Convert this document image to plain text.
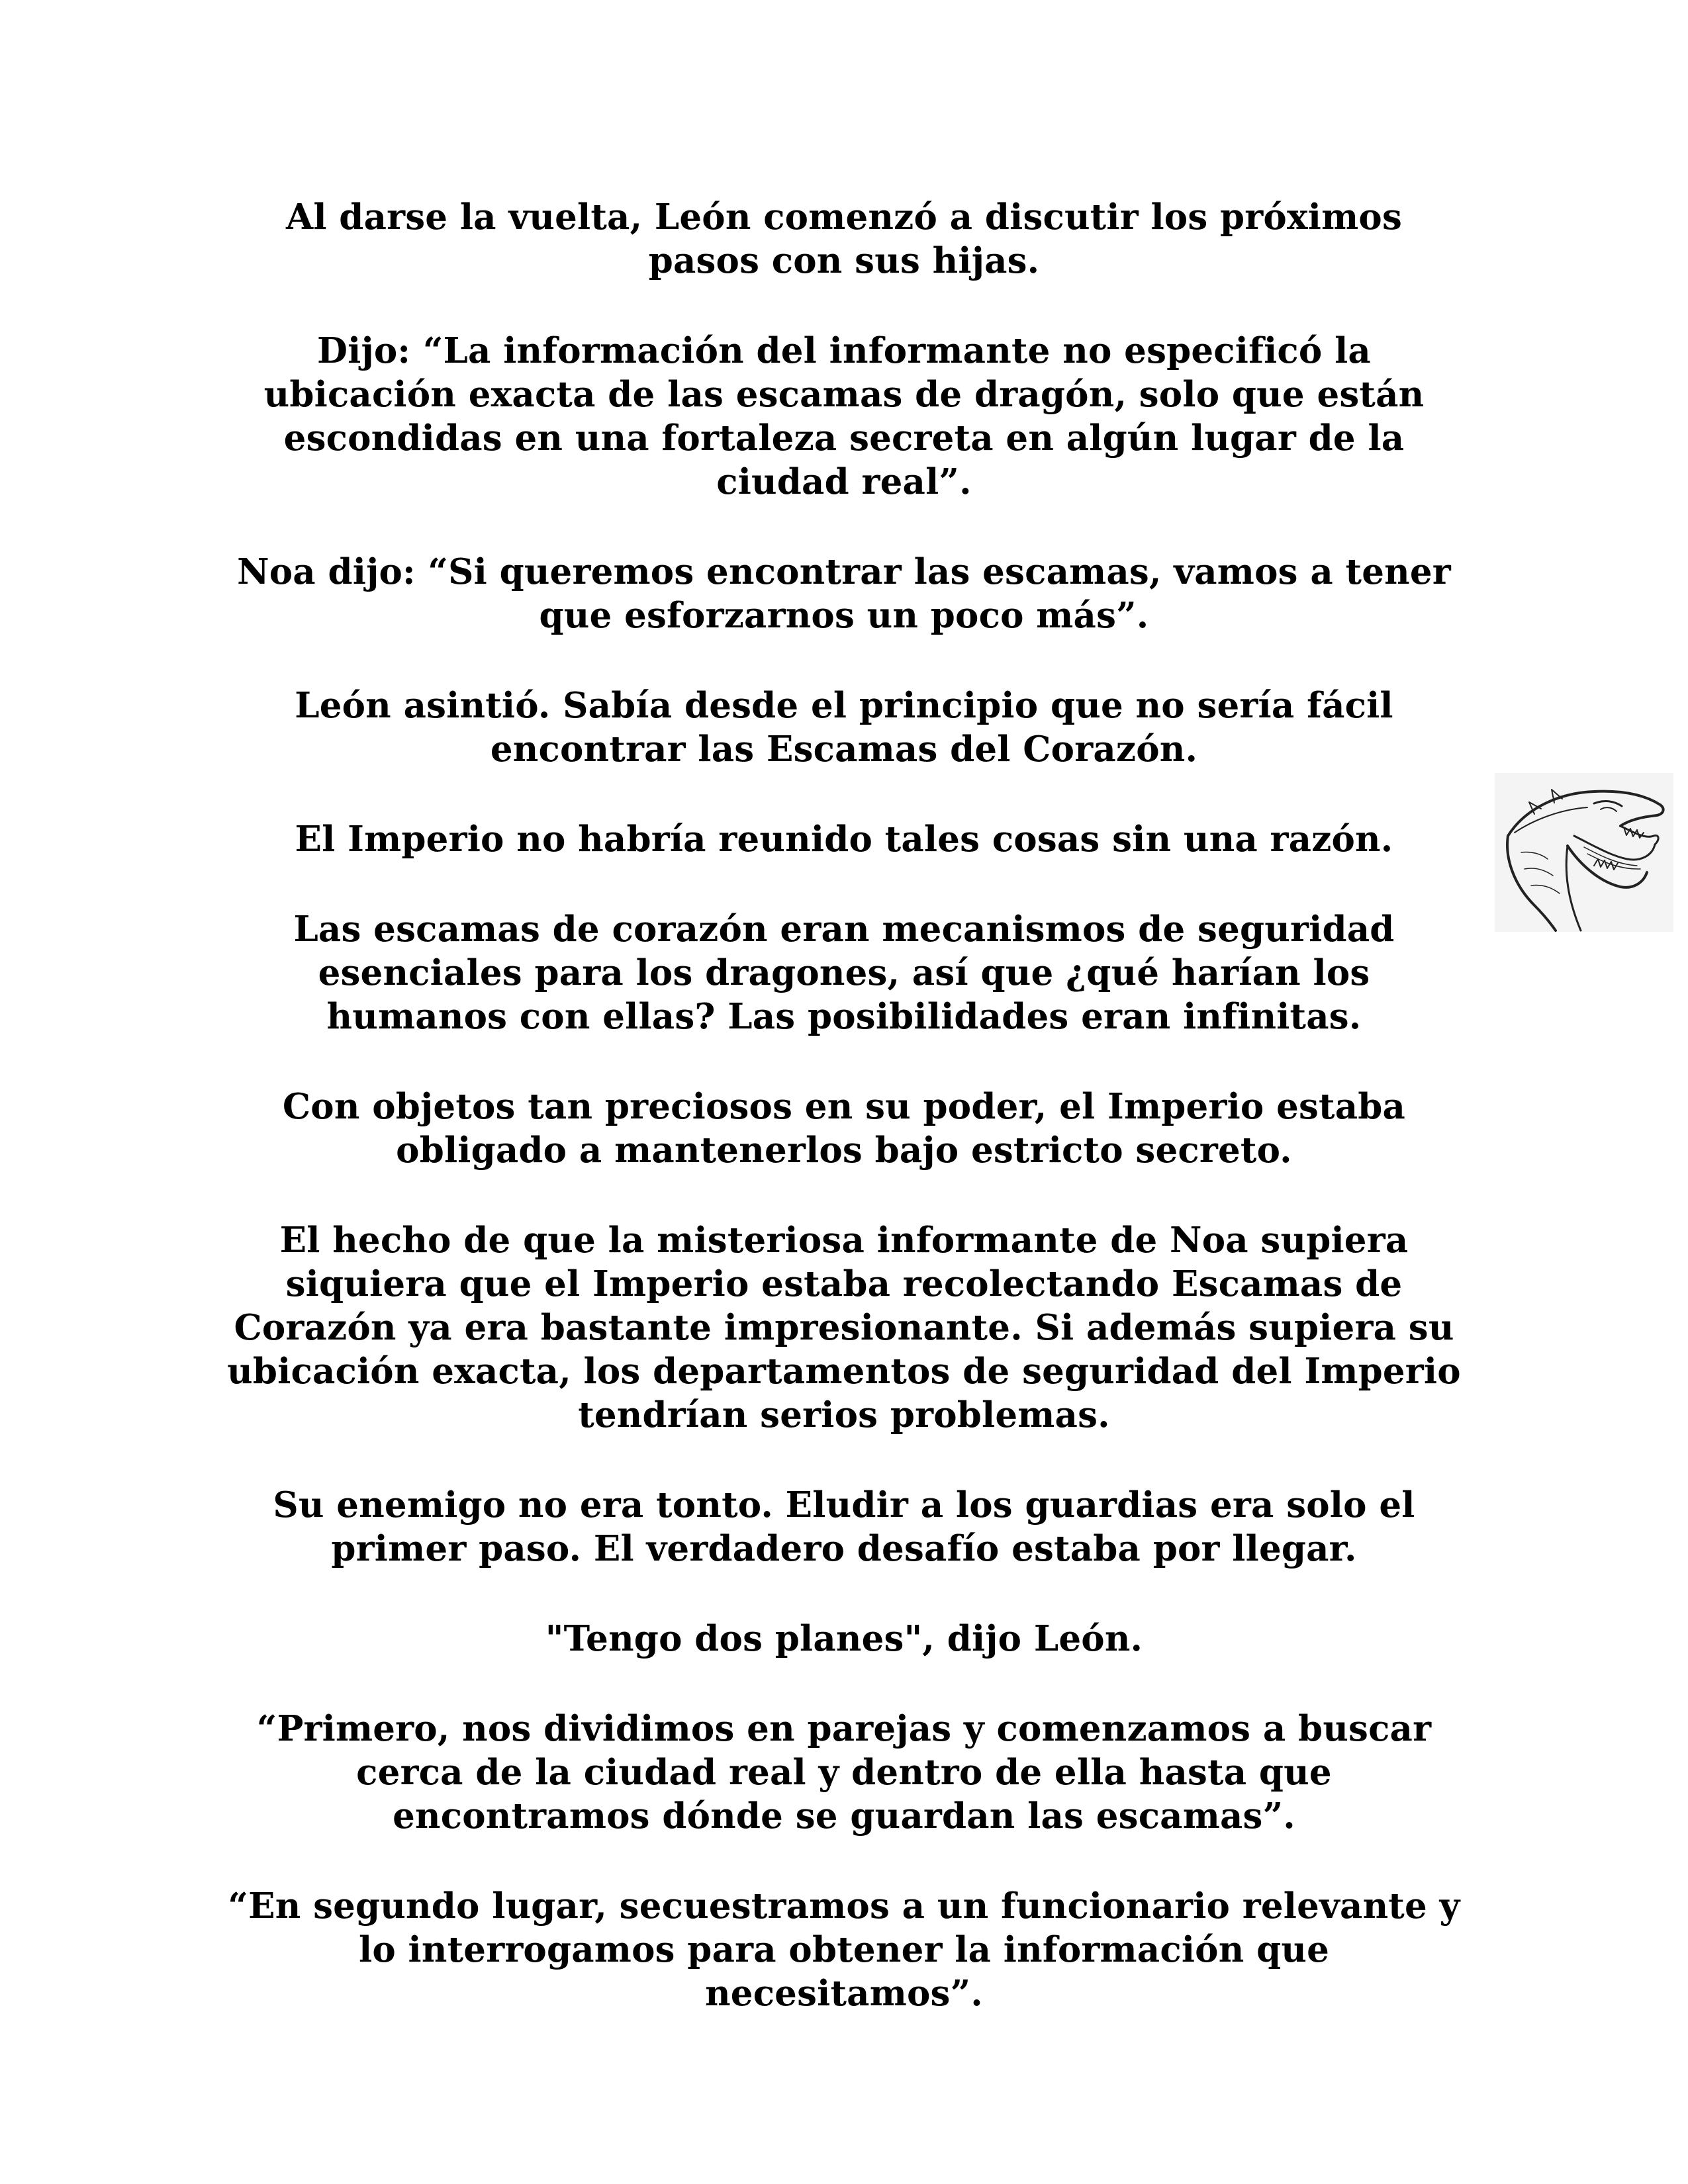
Al darse la vuelta, León comenzó a discutir los próximos pasos con sus hijas.

Dijo: “La información del informante no especificó la ubicación exacta de las escamas de dragón, solo que están escondidas en una fortaleza secreta en algún lugar de la ciudad real”.

Noa dijo: “Si queremos encontrar las escamas, vamos a tener que esforzarnos un poco más”.

León asintió. Sabía desde el principio que no sería fácil encontrar las Escamas del Corazón.

El Imperio no habría reunido tales cosas sin una razón.

Las escamas de corazón eran mecanismos de seguridad esenciales para los dragones, así que ¿qué harían los humanos con ellas? Las posibilidades eran infinitas.

Con objetos tan preciosos en su poder, el Imperio estaba obligado a mantenerlos bajo estricto secreto.

El hecho de que la misteriosa informante de Noa supiera siquiera que el Imperio estaba recolectando Escamas de Corazón ya era bastante impresionante. Si además supiera su ubicación exacta, los departamentos de seguridad del Imperio tendrían serios problemas.

Su enemigo no era tonto. Eludir a los guardias era solo el primer paso. El verdadero desafío estaba por llegar.

"Tengo dos planes", dijo León.

“Primero, nos dividimos en parejas y comenzamos a buscar cerca de la ciudad real y dentro de ella hasta que encontramos dónde se guardan las escamas”.

“En segundo lugar, secuestramos a un funcionario relevante y lo interrogamos para obtener la información que necesitamos”.
